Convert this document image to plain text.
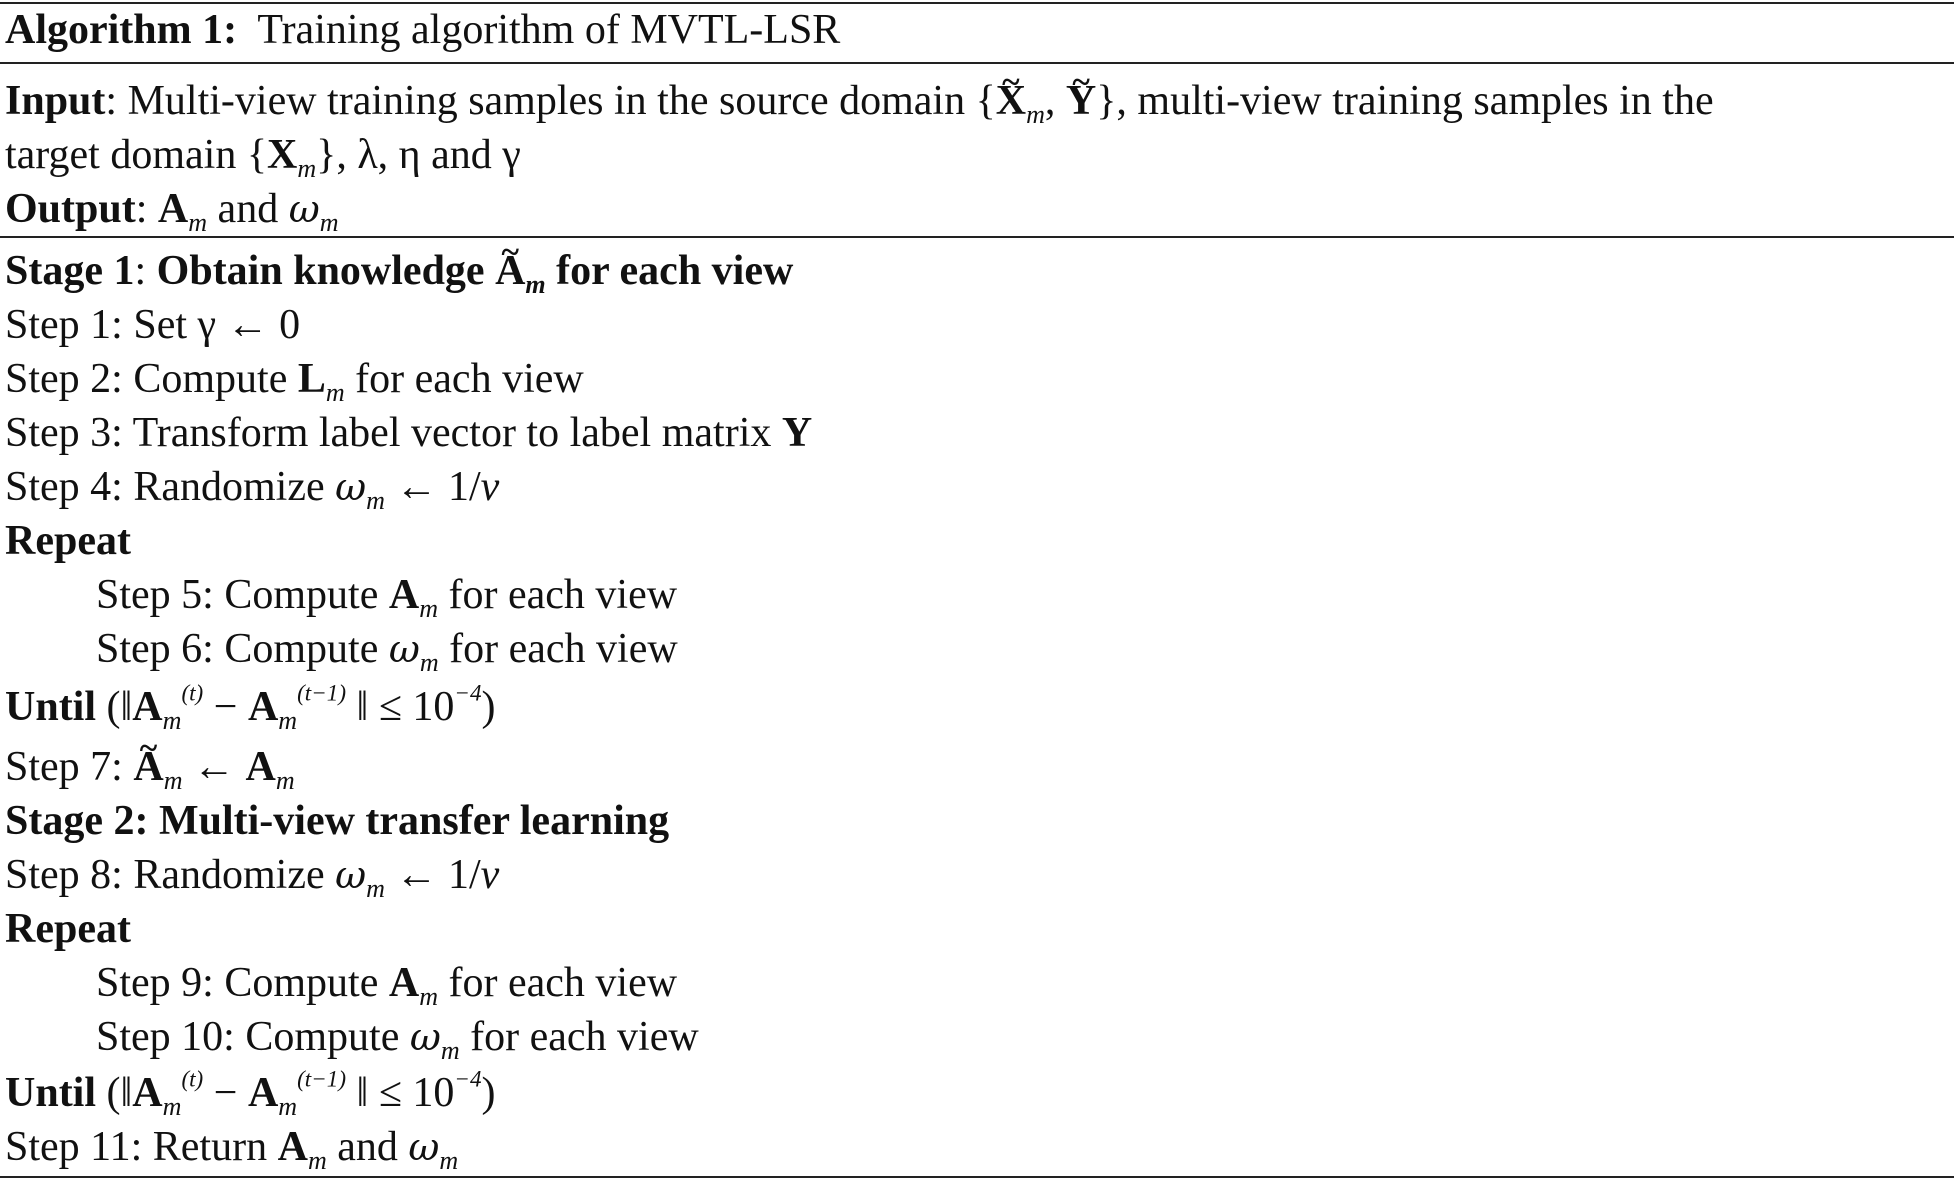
Algorithm 1: Training algorithm of MVTL-LSR
Input: Multi-view training samples in the source domain {~ $X_m$, ~ Y}, multi-view training samples in the
target domain $\{X_m\}$, λ, η and γ
Output: $A_m$ and $\omega_m$
Stage 1: Obtain knowledge ~ $A_m$ for each view
Step 1: Set γ ← 0
Step 2: Compute $L_m$ for each view
Step 3: Transform label vector to label matrix Y
Step 4: Randomize $\omega_m$ ← 1/v
Repeat
Step 5: Compute $A_m$ for each view
Step 6: Compute $\omega_m$ for each view
Until ($‖A_m^{(t)} - A_m^{(t-1)}$ ‖ ≤ $10^{-4}$)
Step 7: ~ $A_m$ ← $A_m$
Stage 2: Multi-view transfer learning
Step 8: Randomize $\omega_m$ ← 1/v
Repeat
Step 9: Compute $A_m$ for each view
Step 10: Compute $\omega_m$ for each view
Until ($‖A_m^{(t)} - A_m^{(t-1)}$ ‖ ≤ $10^{-4}$)
Step 11: Return $A_m$ and $\omega_m$
